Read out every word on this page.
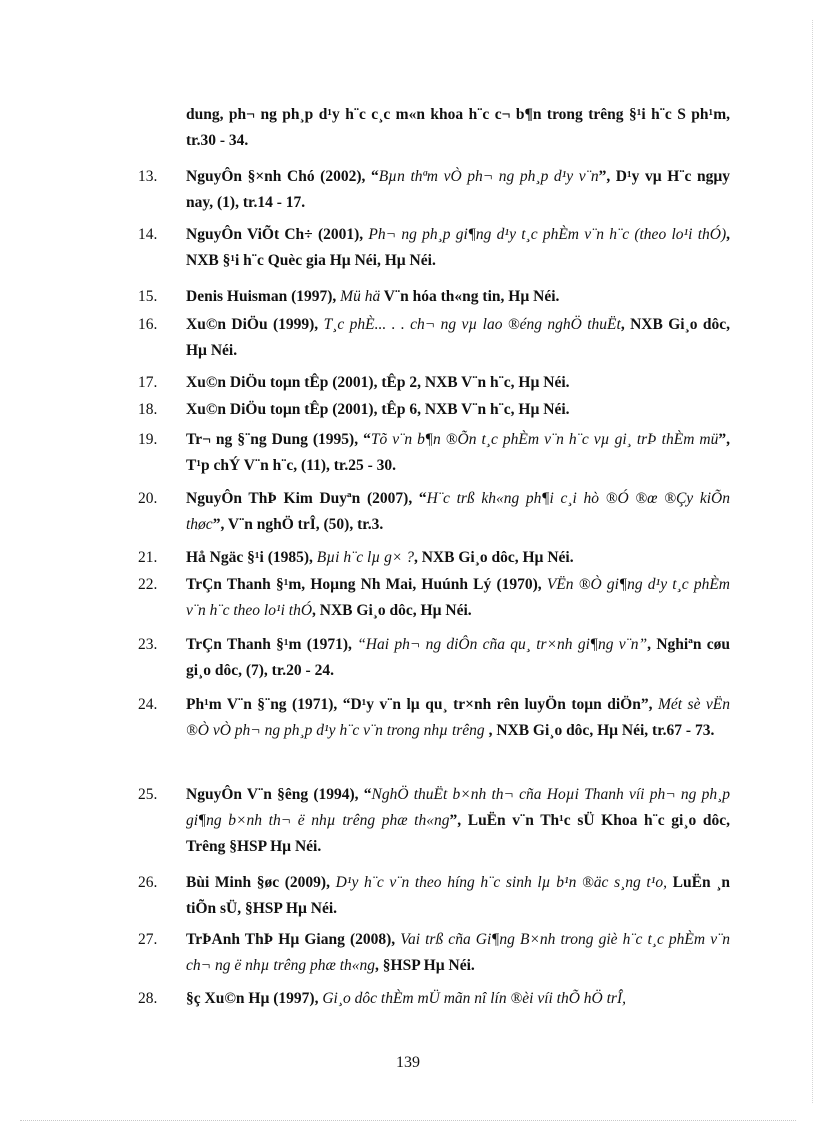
dung, ph¬ ng ph¸p d¹y h¨c c¸c m«n khoa h¨c c¬ b¶n trong trêng §¹i h¨c S ph¹m, tr.30 - 34.
13.	NguyÔn §×nh Chó (2002), “Bµn thªm vÒ ph¬ ng ph¸p d¹y v¨n”, D¹y vµ H¨c ngµy nay, (1), tr.14 - 17.
14.	NguyÔn ViÕt Ch÷ (2001), Ph¬ ng ph¸p gi¶ng d¹y t¸c phÈm v¨n h¨c (theo lo¹i thÓ), NXB §¹i h¨c Quèc gia Hµ Néi, Hµ Néi.
15.	Denis Huisman (1997), Mü hä V¨n hóa th«ng tin, Hµ Néi.
16.	Xu©n DiÖu (1999), T¸c phÈ... . . ch¬ ng vµ lao ®éng nghÖ thuËt, NXB Gi¸o dôc, Hµ Néi.
17.	Xu©n DiÖu toµn tÊp (2001), tÊp 2, NXB V¨n h¨c, Hµ Néi.
18.	Xu©n DiÖu toµn tÊp (2001), tÊp 6, NXB V¨n h¨c, Hµ Néi.
19.	Tr¬ ng §¨ng Dung (1995), “Tõ v¨n b¶n ®Õn t¸c phÈm v¨n h¨c vµ gi¸ trÞ thÈm mü”, T¹p chÝ V¨n h¨c, (11), tr.25 - 30.
20.	NguyÔn ThÞ Kim Duyªn (2007), “H¨c trß kh«ng ph¶i c¸i hò ®Ó ®œ ®Çy kiÕn thøc”, V¨n nghÖ trÎ, (50), tr.3.
21.	Hå Ngäc §¹i (1985), Bµi h¨c lµ g× ?, NXB Gi¸o dôc, Hµ Néi.
22.	TrÇn Thanh §¹m, Hoµng Nh Mai, Huúnh Lý (1970), VËn ®Ò gi¶ng d¹y t¸c phÈm v¨n h¨c theo lo¹i thÓ, NXB Gi¸o dôc, Hµ Néi.
23.	TrÇn Thanh §¹m (1971), “Hai ph¬ ng diÔn cña qu¸ tr×nh gi¶ng v¨n”, Nghiªn cøu gi¸o dôc, (7), tr.20 - 24.
24.	Ph¹m V¨n §¨ng (1971), “D¹y v¨n lµ qu¸ tr×nh rên luyÖn toµn diÖn”, Mét sè vËn ®Ò vÒ ph¬ ng ph¸p d¹y h¨c v¨n trong nhµ trêng , NXB Gi¸o dôc, Hµ Néi, tr.67 - 73.
25.	NguyÔn V¨n §êng (1994), “NghÖ thuËt b×nh th¬ cña Hoµi Thanh víi ph¬ ng ph¸p gi¶ng b×nh th¬ ë nhµ trêng phæ th«ng”, LuËn v¨n Th¹c sÜ Khoa h¨c gi¸o dôc, Trêng §HSP Hµ Néi.
26.	Bùi Minh §øc (2009), D¹y h¨c v¨n theo híng h¨c sinh lµ b¹n ®äc s¸ng t¹o, LuËn ¸n tiÕn sÜ, §HSP Hµ Néi.
27.	TrÞAnh ThÞ Hµ Giang (2008), Vai trß cña Gi¶ng B×nh trong giè h¨c t¸c phÈm v¨n ch¬ ng ë nhµ trêng phæ th«ng, §HSP Hµ Néi.
28.	§ç Xu©n Hµ (1997), Gi¸o dôc thÈm mÜ mãn nî lín ®èi víi thÕ hÖ trÎ,
139
